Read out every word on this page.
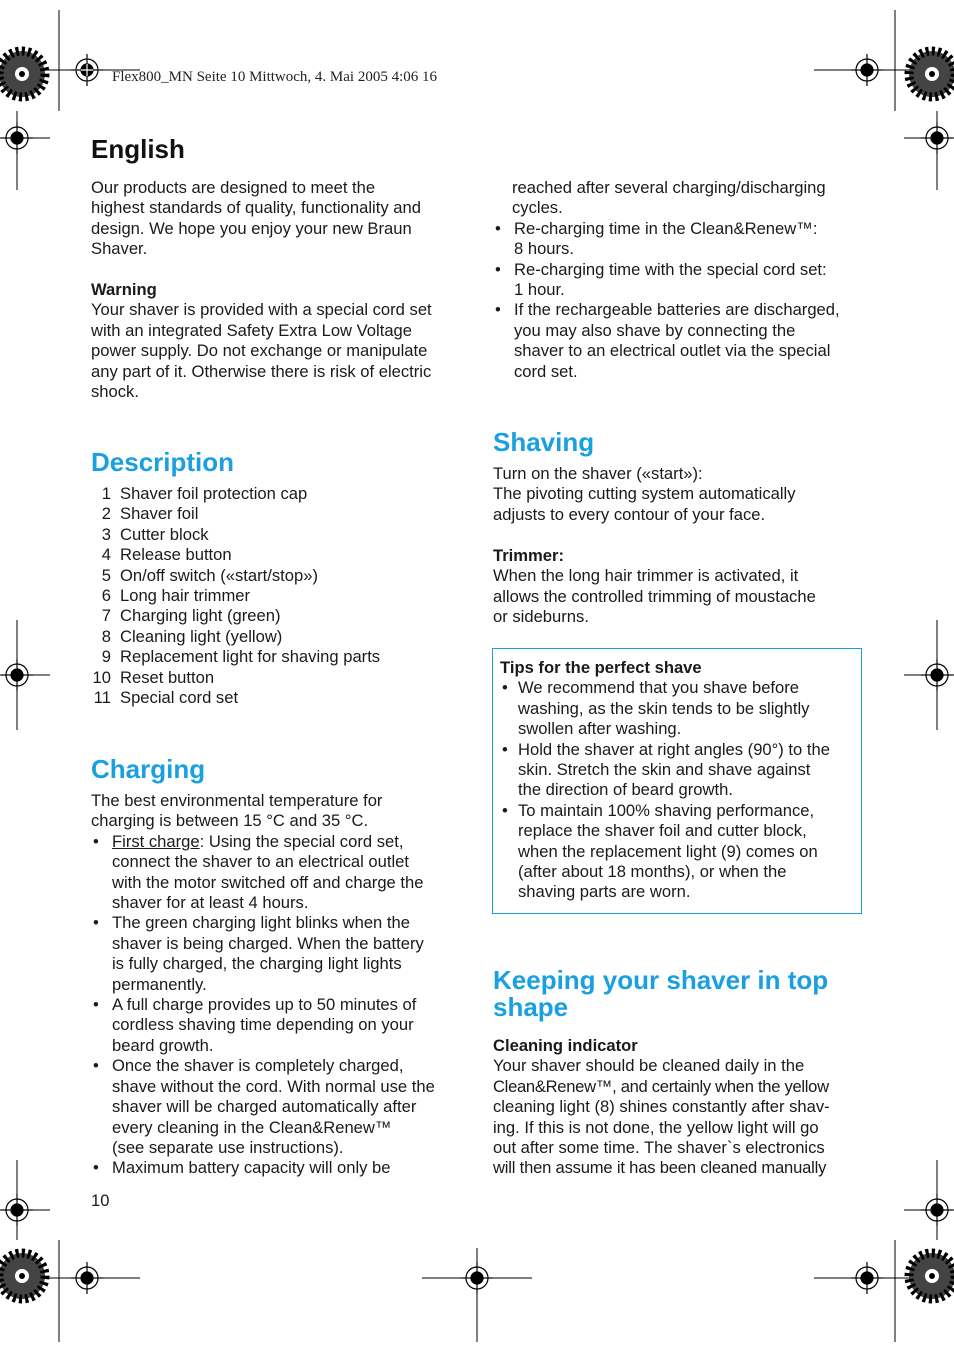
Flex800_MN Seite 10 Mittwoch, 4. Mai 2005 4:06 16
English

Our products are designed to meet the

highest standards of quality, functionality and

design. We hope you enjoy your new Braun

Shaver.

Warning

Your shaver is provided with a special cord set

with an integrated Safety Extra Low Voltage

power supply. Do not exchange or manipulate

any part of it. Otherwise there is risk of electric

shock.

Description
1 Shaver foil protection cap
2 Shaver foil
3 Cutter block
4 Release button
5 On/off switch («start/stop»)
6 Long hair trimmer
7 Charging light (green)
8 Cleaning light (yellow)
9 Replacement light for shaving parts
10 Reset button
11 Special cord set
Charging

The best environmental temperature for

charging is between 15 °C and 35 °C.

• First charge: Using the special cord set,

connect the shaver to an electrical outlet

with the motor switched off and charge the

shaver for at least 4 hours.

• The green charging light blinks when the

shaver is being charged. When the battery

is fully charged, the charging light lights

permanently.

• A full charge provides up to 50 minutes of

cordless shaving time depending on your

beard growth.

• Once the shaver is completely charged,

shave without the cord. With normal use the

shaver will be charged automatically after

every cleaning in the Clean&Renew™

(see separate use instructions).

• Maximum battery capacity will only be

10

reached after several charging/discharging

cycles.

• Re-charging time in the Clean&Renew™:

8 hours.

• Re-charging time with the special cord set:

1 hour.

• If the rechargeable batteries are discharged,

you may also shave by connecting the

shaver to an electrical outlet via the special

cord set.

Shaving

Turn on the shaver («start»):

The pivoting cutting system automatically

adjusts to every contour of your face.

Trimmer:

When the long hair trimmer is activated, it

allows the controlled trimming of moustache

or sideburns.

Tips for the perfect shave

• We recommend that you shave before

washing, as the skin tends to be slightly

swollen after washing.

• Hold the shaver at right angles (90°) to the

skin. Stretch the skin and shave against

the direction of beard growth.

• To maintain 100% shaving performance,

replace the shaver foil and cutter block,

when the replacement light (9) comes on

(after about 18 months), or when the

shaving parts are worn.

Keeping your shaver in top
shape

Cleaning indicator

Your shaver should be cleaned daily in the

Clean&Renew™, and certainly when the yellow

cleaning light (8) shines constantly after shav-

ing. If this is not done, the yellow light will go

out after some time. The shaver`s electronics

will then assume it has been cleaned manually
